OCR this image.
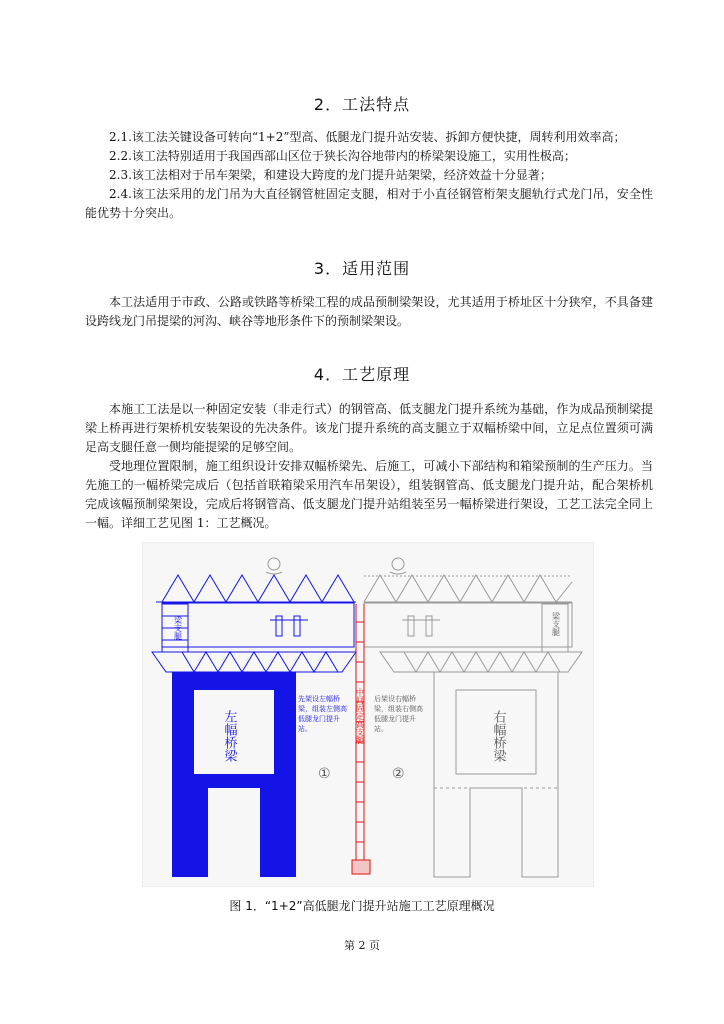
2．工法特点

2.1.该工法关键设备可转向“1+2”型高、低腿龙门提升站安装、拆卸方便快捷，周转利用效率高；

2.2.该工法特别适用于我国西部山区位于狭长沟谷地带内的桥梁架设施工，实用性极高；

2.3.该工法相对于吊车架梁，和建设大跨度的龙门提升站架梁，经济效益十分显著；

2.4.该工法采用的龙门吊为大直径钢管桩固定支腿，相对于小直径钢管桁架支腿轨行式龙门吊，安全性能优势十分突出。

3．适用范围

本工法适用于市政、公路或铁路等桥梁工程的成品预制梁架设，尤其适用于桥址区十分狭窄，不具备建设跨线龙门吊提梁的河沟、峡谷等地形条件下的预制梁架设。

4．工艺原理

本施工工法是以一种固定安装（非走行式）的钢管高、低支腿龙门提升系统为基础，作为成品预制梁提梁上桥再进行架桥机安装架设的先决条件。该龙门提升系统的高支腿立于双幅桥梁中间，立足点位置须可满足高支腿任意一侧均能提梁的足够空间。

受地理位置限制，施工组织设计安排双幅桥梁先、后施工，可减小下部结构和箱梁预制的生产压力。当先施工的一幅桥梁完成后（包括首联箱梁采用汽车吊架设），组装钢管高、低支腿龙门提升站，配合架桥机完成该幅预制梁架设，完成后将钢管高、低支腿龙门提升站组装至另一幅桥梁进行架设，工艺工法完全同上一幅。详细工艺见图 1：工艺概况。

梁支腿	梁支腿
左幅桥梁	右幅桥梁
中间固定高支腿
先架设左幅桥梁，组装左侧高低腿龙门提升站。
①
后架设右幅桥梁，组装右侧高低腿龙门提升站。
②
图 1．“1+2”高低腿龙门提升站施工工艺原理概况
第 2 页
